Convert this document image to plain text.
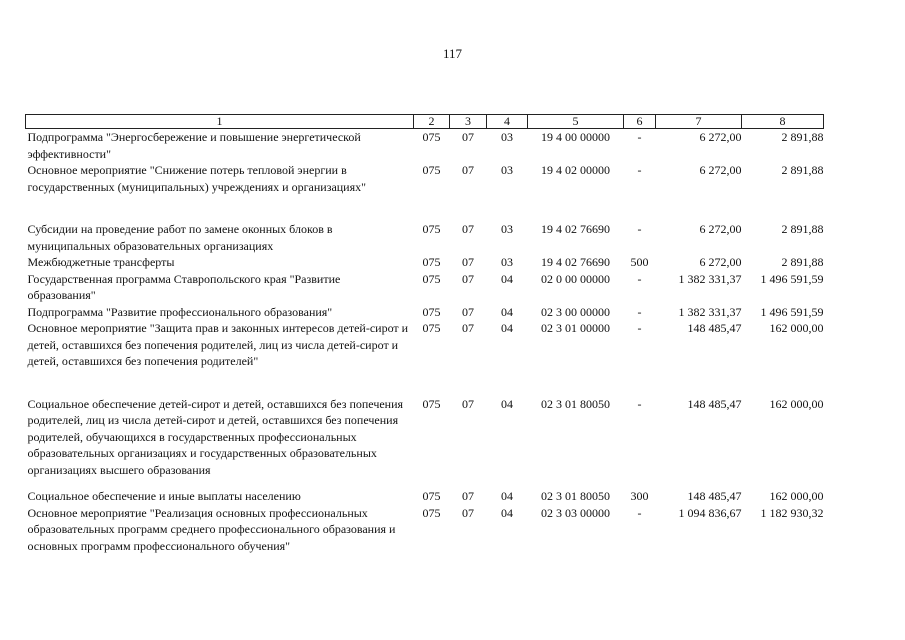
117
1	2	3	4	5	6	7	8
Подпрограмма "Энергосбережение и повышение энергетической эффективности"	075	07	03	19 4 00 00000	-	6 272,00	2 891,88
Основное мероприятие "Снижение потерь тепловой энергии в государственных (муниципальных) учреждениях и организациях"	075	07	03	19 4 02 00000	-	6 272,00	2 891,88
Субсидии на проведение работ по замене оконных блоков в муниципальных образовательных организациях	075	07	03	19 4 02 76690	-	6 272,00	2 891,88
Межбюджетные трансферты	075	07	03	19 4 02 76690	500	6 272,00	2 891,88
Государственная программа Ставропольского края "Развитие образования"	075	07	04	02 0 00 00000	-	1 382 331,37	1 496 591,59
Подпрограмма "Развитие профессионального образования"	075	07	04	02 3 00 00000	-	1 382 331,37	1 496 591,59
Основное мероприятие "Защита прав и законных интересов детей-сирот и детей, оставшихся без попечения родителей, лиц из числа детей-сирот и детей, оставшихся без попечения родителей"	075	07	04	02 3 01 00000	-	148 485,47	162 000,00
Социальное обеспечение детей-сирот и детей, оставшихся без попечения родителей, лиц из числа детей-сирот и детей, оставшихся без попечения родителей, обучающихся в государственных профессиональных образовательных организациях и государственных образовательных организациях высшего образования	075	07	04	02 3 01 80050	-	148 485,47	162 000,00
Социальное обеспечение и иные выплаты населению	075	07	04	02 3 01 80050	300	148 485,47	162 000,00
Основное мероприятие "Реализация основных профессиональных образовательных программ среднего профессионального образования и основных программ профессионального обучения"	075	07	04	02 3 03 00000	-	1 094 836,67	1 182 930,32
